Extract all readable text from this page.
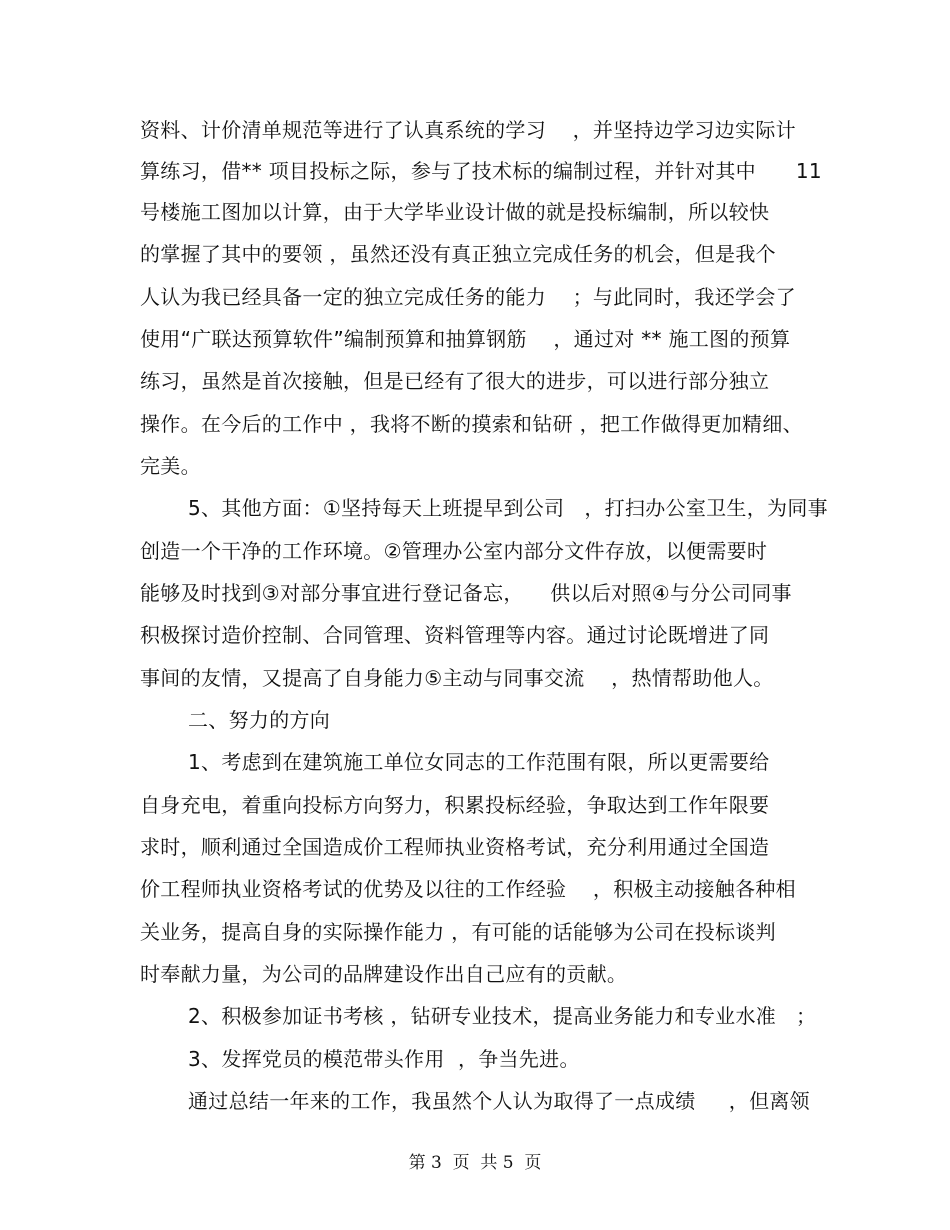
资料、计价清单规范等进行了认真系统的学习    ，并坚持边学习边实际计
算练习，借** 项目投标之际，参与了技术标的编制过程，并针对其中      11
号楼施工图加以计算，由于大学毕业设计做的就是投标编制，所以较快
的掌握了其中的要领 ，虽然还没有真正独立完成任务的机会，但是我个
人认为我已经具备一定的独立完成任务的能力    ；与此同时，我还学会了
使用“广联达预算软件”编制预算和抽算钢筋    ，通过对 ** 施工图的预算
练习，虽然是首次接触，但是已经有了很大的进步，可以进行部分独立
操作。在今后的工作中 ，我将不断的摸索和钻研 ，把工作做得更加精细、
完美。
5、其他方面：①坚持每天上班提早到公司   ，打扫办公室卫生，为同事
创造一个干净的工作环境。②管理办公室内部分文件存放，以便需要时
能够及时找到③对部分事宜进行登记备忘，    供以后对照④与分公司同事
积极探讨造价控制、合同管理、资料管理等内容。通过讨论既增进了同
事间的友情，又提高了自身能力⑤主动与同事交流    ，热情帮助他人。
二、努力的方向
1、考虑到在建筑施工单位女同志的工作范围有限，所以更需要给
自身充电，着重向投标方向努力，积累投标经验，争取达到工作年限要
求时，顺利通过全国造成价工程师执业资格考试，充分利用通过全国造
价工程师执业资格考试的优势及以往的工作经验    ，积极主动接触各种相
关业务，提高自身的实际操作能力 ，有可能的话能够为公司在投标谈判
时奉献力量，为公司的品牌建设作出自己应有的贡献。
2、积极参加证书考核 ，钻研专业技术，提高业务能力和专业水准   ；
3、发挥党员的模范带头作用  ，争当先进。
通过总结一年来的工作，我虽然个人认为取得了一点成绩     ，但离领
第 3  页  共 5  页
